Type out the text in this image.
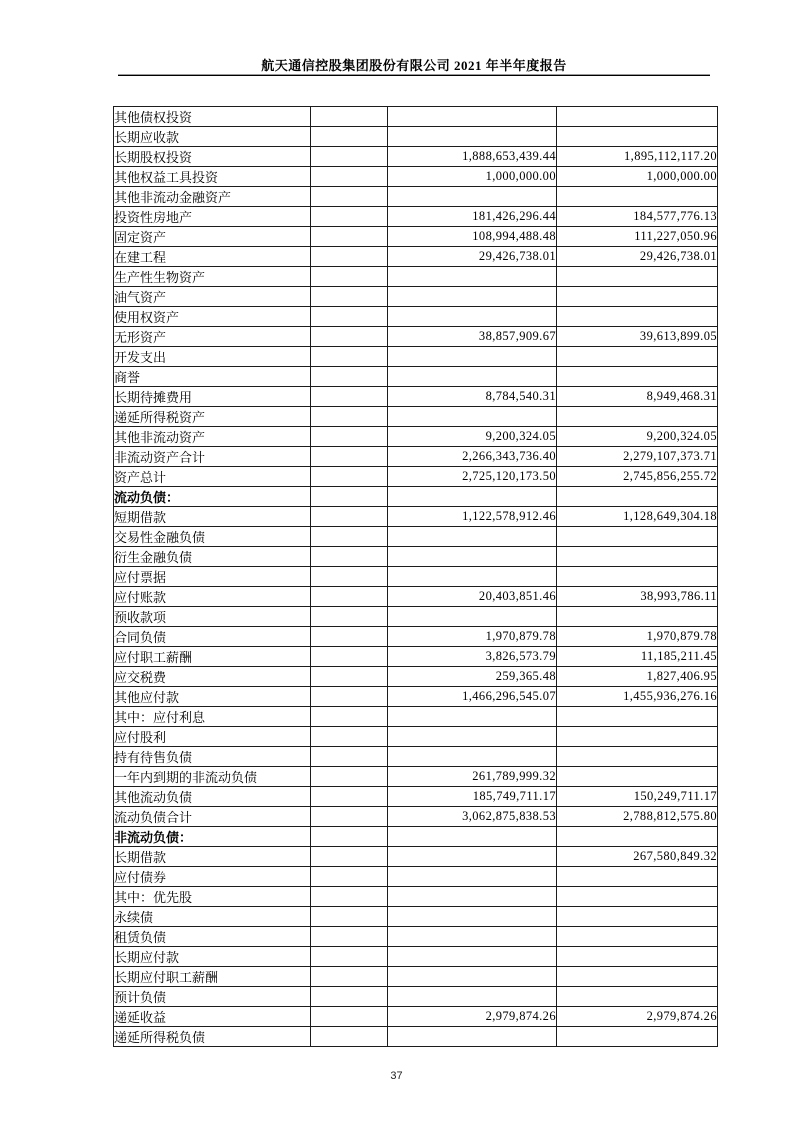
航天通信控股集团股份有限公司 2021 年半年度报告
其他债权投资			
长期应收款			
长期股权投资		1,888,653,439.44	1,895,112,117.20
其他权益工具投资		1,000,000.00	1,000,000.00
其他非流动金融资产			
投资性房地产		181,426,296.44	184,577,776.13
固定资产		108,994,488.48	111,227,050.96
在建工程		29,426,738.01	29,426,738.01
生产性生物资产			
油气资产			
使用权资产			
无形资产		38,857,909.67	39,613,899.05
开发支出			
商誉			
长期待摊费用		8,784,540.31	8,949,468.31
递延所得税资产			
其他非流动资产		9,200,324.05	9,200,324.05
非流动资产合计		2,266,343,736.40	2,279,107,373.71
资产总计		2,725,120,173.50	2,745,856,255.72
流动负债：			
短期借款		1,122,578,912.46	1,128,649,304.18
交易性金融负债			
衍生金融负债			
应付票据			
应付账款		20,403,851.46	38,993,786.11
预收款项			
合同负债		1,970,879.78	1,970,879.78
应付职工薪酬		3,826,573.79	11,185,211.45
应交税费		259,365.48	1,827,406.95
其他应付款		1,466,296,545.07	1,455,936,276.16
其中：应付利息			
应付股利			
持有待售负债			
一年内到期的非流动负债		261,789,999.32	
其他流动负债		185,749,711.17	150,249,711.17
流动负债合计		3,062,875,838.53	2,788,812,575.80
非流动负债：			
长期借款			267,580,849.32
应付债券			
其中：优先股			
永续债			
租赁负债			
长期应付款			
长期应付职工薪酬			
预计负债			
递延收益		2,979,874.26	2,979,874.26
递延所得税负债			
37
